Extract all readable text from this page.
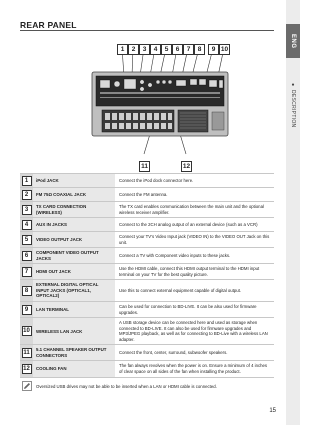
ENG
● DESCRIPTION
REAR PANEL
1	2	3	4	5	6	7	8	9 10
11	12
1	iPod JACK	Connect the iPod dock connector here.
2	FM 75Ω COAXIAL JACK	Connect the FM antenna.
3	TX CARD CONNECTION (WIRELESS)
The TX card enables communication between the main unit and the optional wireless receiver amplifier.
4	AUX IN JACKS	Connect to the 2CH analog output of an external device (such as a VCR)
5	VIDEO OUTPUT JACK
Connect your TV's Video Input jack (VIDEO IN) to the VIDEO OUT Jack on this unit.
6	COMPONENT VIDEO OUTPUT JACKS
Connect a TV with Component video inputs to these jacks.
7	HDMI OUT JACK
Use the HDMI cable, connect this HDMI output terminal to the HDMI input terminal on your TV for the best quality picture.
8
EXTERNAL DIGITAL OPTICAL INPUT JACKS (OPTICAL1, OPTICAL2)
Use this to connect external equipment capable of digital output.
9	LAN TERMINAL
Can be used for connection to BD-LIVE. It can be also used for firmware upgrades.
10	WIRELESS LAN JACK
A USB storage device can be connected here and used as storage when connected to BD-LIVE. It can also be used for firmware upgrades and MP3/JPEG playback, as well as for connecting to BD-Live with a wireless LAN adapter.
11	5.1 CHANNEL SPEAKER OUTPUT CONNECTORS
Connect the front, center, surround, subwoofer speakers.
12	COOLING FAN
The fan always revolves when the power is on. Ensure a minimum of 4 inches of clear space on all sides of the fan when installing the product.
Oversized USB drives may not be able to be inserted when a LAN or HDMI cable is connected.
15
